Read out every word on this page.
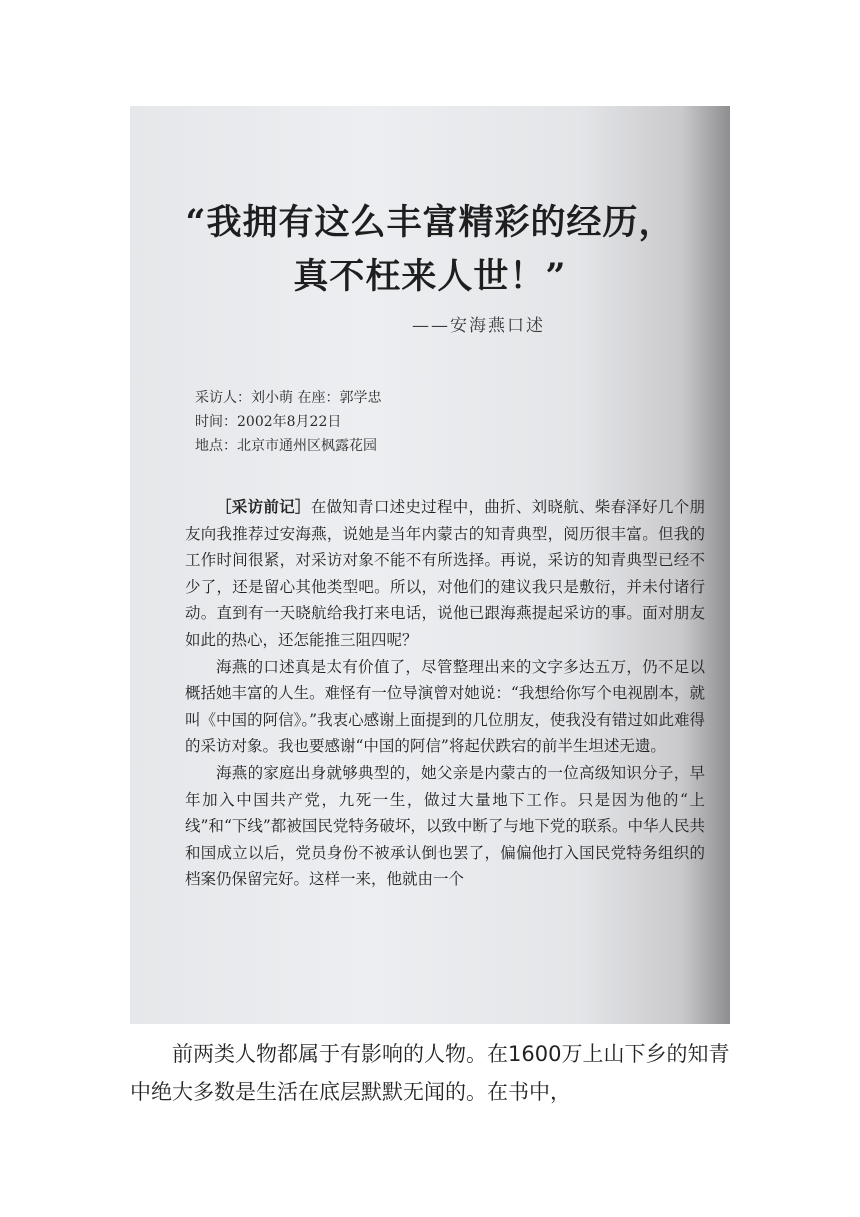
“我拥有这么丰富精彩的经历，
真不枉来人世！”
——安海燕口述
采访人：刘小萌 在座：郭学忠
时间：2002年8月22日
地点：北京市通州区枫露花园

［采访前记］在做知青口述史过程中，曲折、刘晓航、柴春泽好几个朋友向我推荐过安海燕，说她是当年内蒙古的知青典型，阅历很丰富。但我的工作时间很紧，对采访对象不能不有所选择。再说，采访的知青典型已经不少了，还是留心其他类型吧。所以，对他们的建议我只是敷衍，并未付诸行动。直到有一天晓航给我打来电话，说他已跟海燕提起采访的事。面对朋友如此的热心，还怎能推三阻四呢？

海燕的口述真是太有价值了，尽管整理出来的文字多达五万，仍不足以概括她丰富的人生。难怪有一位导演曾对她说：“我想给你写个电视剧本，就叫《中国的阿信》。”我衷心感谢上面提到的几位朋友，使我没有错过如此难得的采访对象。我也要感谢“中国的阿信”将起伏跌宕的前半生坦述无遗。

海燕的家庭出身就够典型的，她父亲是内蒙古的一位高级知识分子，早年加入中国共产党，九死一生，做过大量地下工作。只是因为他的“上线”和“下线”都被国民党特务破坏，以致中断了与地下党的联系。中华人民共和国成立以后，党员身份不被承认倒也罢了，偏偏他打入国民党特务组织的档案仍保留完好。这样一来，他就由一个

前两类人物都属于有影响的人物。在1600万上山下乡的知青中绝大多数是生活在底层默默无闻的。在书中，
